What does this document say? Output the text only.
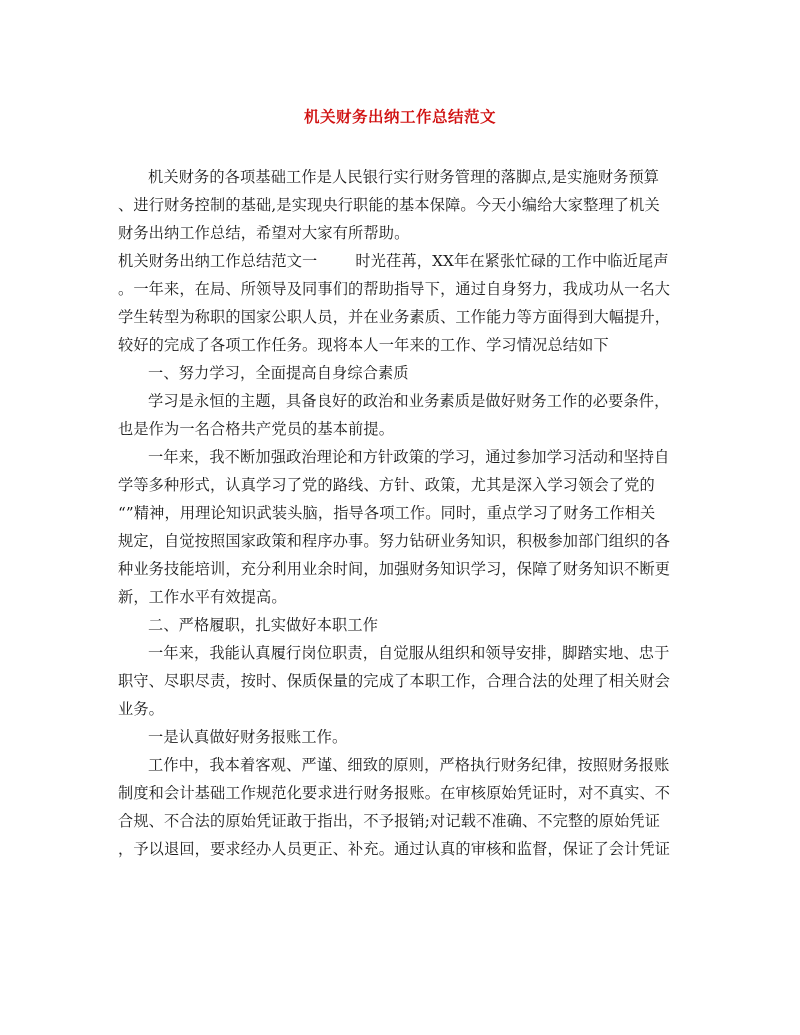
机关财务出纳工作总结范文
机关财务的各项基础工作是人民银行实行财务管理的落脚点,是实施财务预算
、进行财务控制的基础,是实现央行职能的基本保障。今天小编给大家整理了机关
财务出纳工作总结，希望对大家有所帮助。
机关财务出纳工作总结范文一	时光荏苒，XX年在紧张忙碌的工作中临近尾声
。一年来，在局、所领导及同事们的帮助指导下，通过自身努力，我成功从一名大
学生转型为称职的国家公职人员，并在业务素质、工作能力等方面得到大幅提升，
较好的完成了各项工作任务。现将本人一年来的工作、学习情况总结如下
一、努力学习，全面提高自身综合素质
学习是永恒的主题，具备良好的政治和业务素质是做好财务工作的必要条件，
也是作为一名合格共产党员的基本前提。
一年来，我不断加强政治理论和方针政策的学习，通过参加学习活动和坚持自
学等多种形式，认真学习了党的路线、方针、政策，尤其是深入学习领会了党的
“”精神，用理论知识武装头脑，指导各项工作。同时，重点学习了财务工作相关
规定，自觉按照国家政策和程序办事。努力钻研业务知识，积极参加部门组织的各
种业务技能培训，充分利用业余时间，加强财务知识学习，保障了财务知识不断更
新，工作水平有效提高。
二、严格履职，扎实做好本职工作
一年来，我能认真履行岗位职责，自觉服从组织和领导安排，脚踏实地、忠于
职守、尽职尽责，按时、保质保量的完成了本职工作，合理合法的处理了相关财会
业务。
一是认真做好财务报账工作。
工作中，我本着客观、严谨、细致的原则，严格执行财务纪律，按照财务报账
制度和会计基础工作规范化要求进行财务报账。在审核原始凭证时，对不真实、不
合规、不合法的原始凭证敢于指出，不予报销;对记载不准确、不完整的原始凭证
，予以退回，要求经办人员更正、补充。通过认真的审核和监督，保证了会计凭证
